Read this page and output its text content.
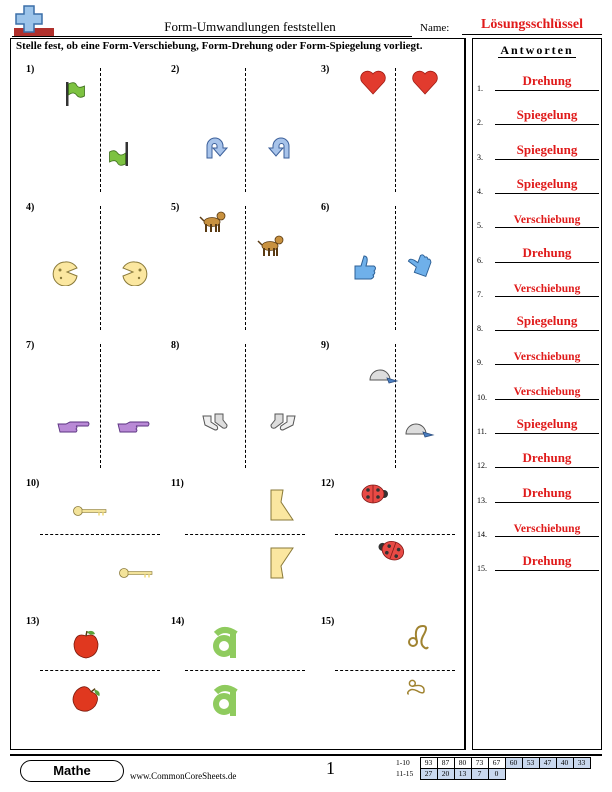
Form-Umwandlungen feststellen	Name:	Lösungsschlüssel
Stelle fest, ob eine Form-Verschiebung, Form-Drehung oder Form-Spiegelung vorliegt.
1)	2)	3)
4)	5)	6)
7)	8)	9)
10)	11)	12)
13)	14)	15)
Antworten
1.
Drehung
2.
Spiegelung
3.
Spiegelung
4.
Spiegelung
5.	Verschiebung
6.
Drehung
7.	Verschiebung
8.
Spiegelung
9.	Verschiebung
10.	Verschiebung
11.
Spiegelung
12.
Drehung
13.
Drehung
14.	Verschiebung
15.
Drehung
Mathe	www.CommonCoreSheets.de	1	1-10	93	87	80	73	67	60	53	47	40	33
11-15	27	20	13	7	0					
